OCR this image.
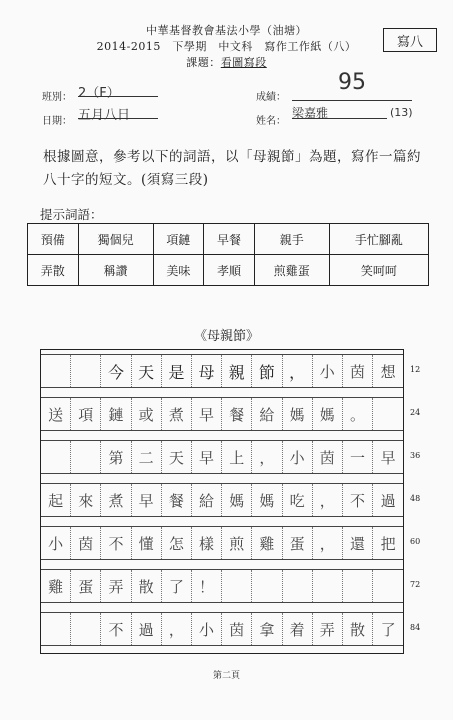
中華基督教會基法小學（油塘）
2014-2015　下學期　中文科　寫作工作紙（八）
課題：看圖寫段
寫八
班別： 2（F）
日期： 五月八日
成績：
95
姓名：
梁嘉雅	(13)
根據圖意，參考以下的詞語，以「母親節」為題，寫作一篇約八十字的短文。(須寫三段)
提示詞語：
預備	獨個兒	項鏈	早餐	親手	手忙腳亂
弄散	稱讚	美味	孝順	煎雞蛋	笑呵呵
《母親節》
今 天 是 母 親 節 ， 小	茵	想
送	項	鏈	或	煮	早	餐	給	媽	媽	。
第	二	天	早	上	，	小	茵	一	早
起	來	煮	早	餐	給	媽	媽	吃	，	不	過
小	茵	不	懂	怎	樣	煎	雞	蛋	，	還	把
雞	蛋	弄	散	了	！
不	過	，	小	茵	拿	着	弄	散	了
12
24
36
48
60
72
84
第二頁
